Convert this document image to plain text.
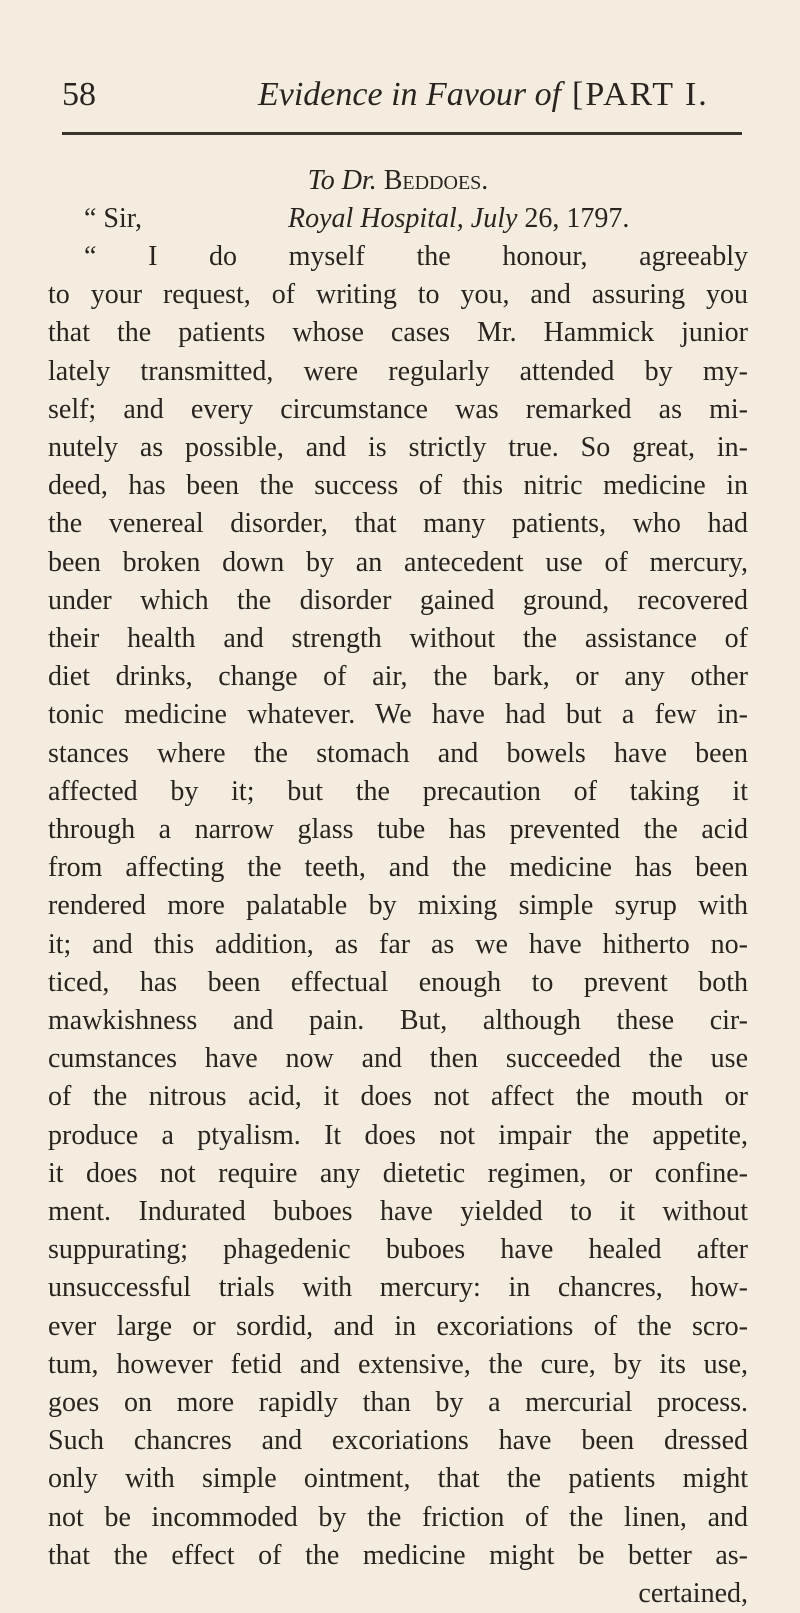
58	Evidence in Favour of [PART I.
To Dr. Beddoes.
“ Sir,	Royal Hospital, July 26, 1797.
“ I do myself the honour, agreeably
to your request, of writing to you, and assuring you
that the patients whose cases Mr. Hammick junior
lately transmitted, were regularly attended by my-
self; and every circumstance was remarked as mi-
nutely as possible, and is strictly true. So great, in-
deed, has been the success of this nitric medicine in
the venereal disorder, that many patients, who had
been broken down by an antecedent use of mercury,
under which the disorder gained ground, recovered
their health and strength without the assistance of
diet drinks, change of air, the bark, or any other
tonic medicine whatever. We have had but a few in-
stances where the stomach and bowels have been
affected by it; but the precaution of taking it
through a narrow glass tube has prevented the acid
from affecting the teeth, and the medicine has been
rendered more palatable by mixing simple syrup with
it; and this addition, as far as we have hitherto no-
ticed, has been effectual enough to prevent both
mawkishness and pain. But, although these cir-
cumstances have now and then succeeded the use
of the nitrous acid, it does not affect the mouth or
produce a ptyalism. It does not impair the appetite,
it does not require any dietetic regimen, or confine-
ment. Indurated buboes have yielded to it without
suppurating; phagedenic buboes have healed after
unsuccessful trials with mercury: in chancres, how-
ever large or sordid, and in excoriations of the scro-
tum, however fetid and extensive, the cure, by its use,
goes on more rapidly than by a mercurial process.
Such chancres and excoriations have been dressed
only with simple ointment, that the patients might
not be incommoded by the friction of the linen, and
that the effect of the medicine might be better as-
certained,
